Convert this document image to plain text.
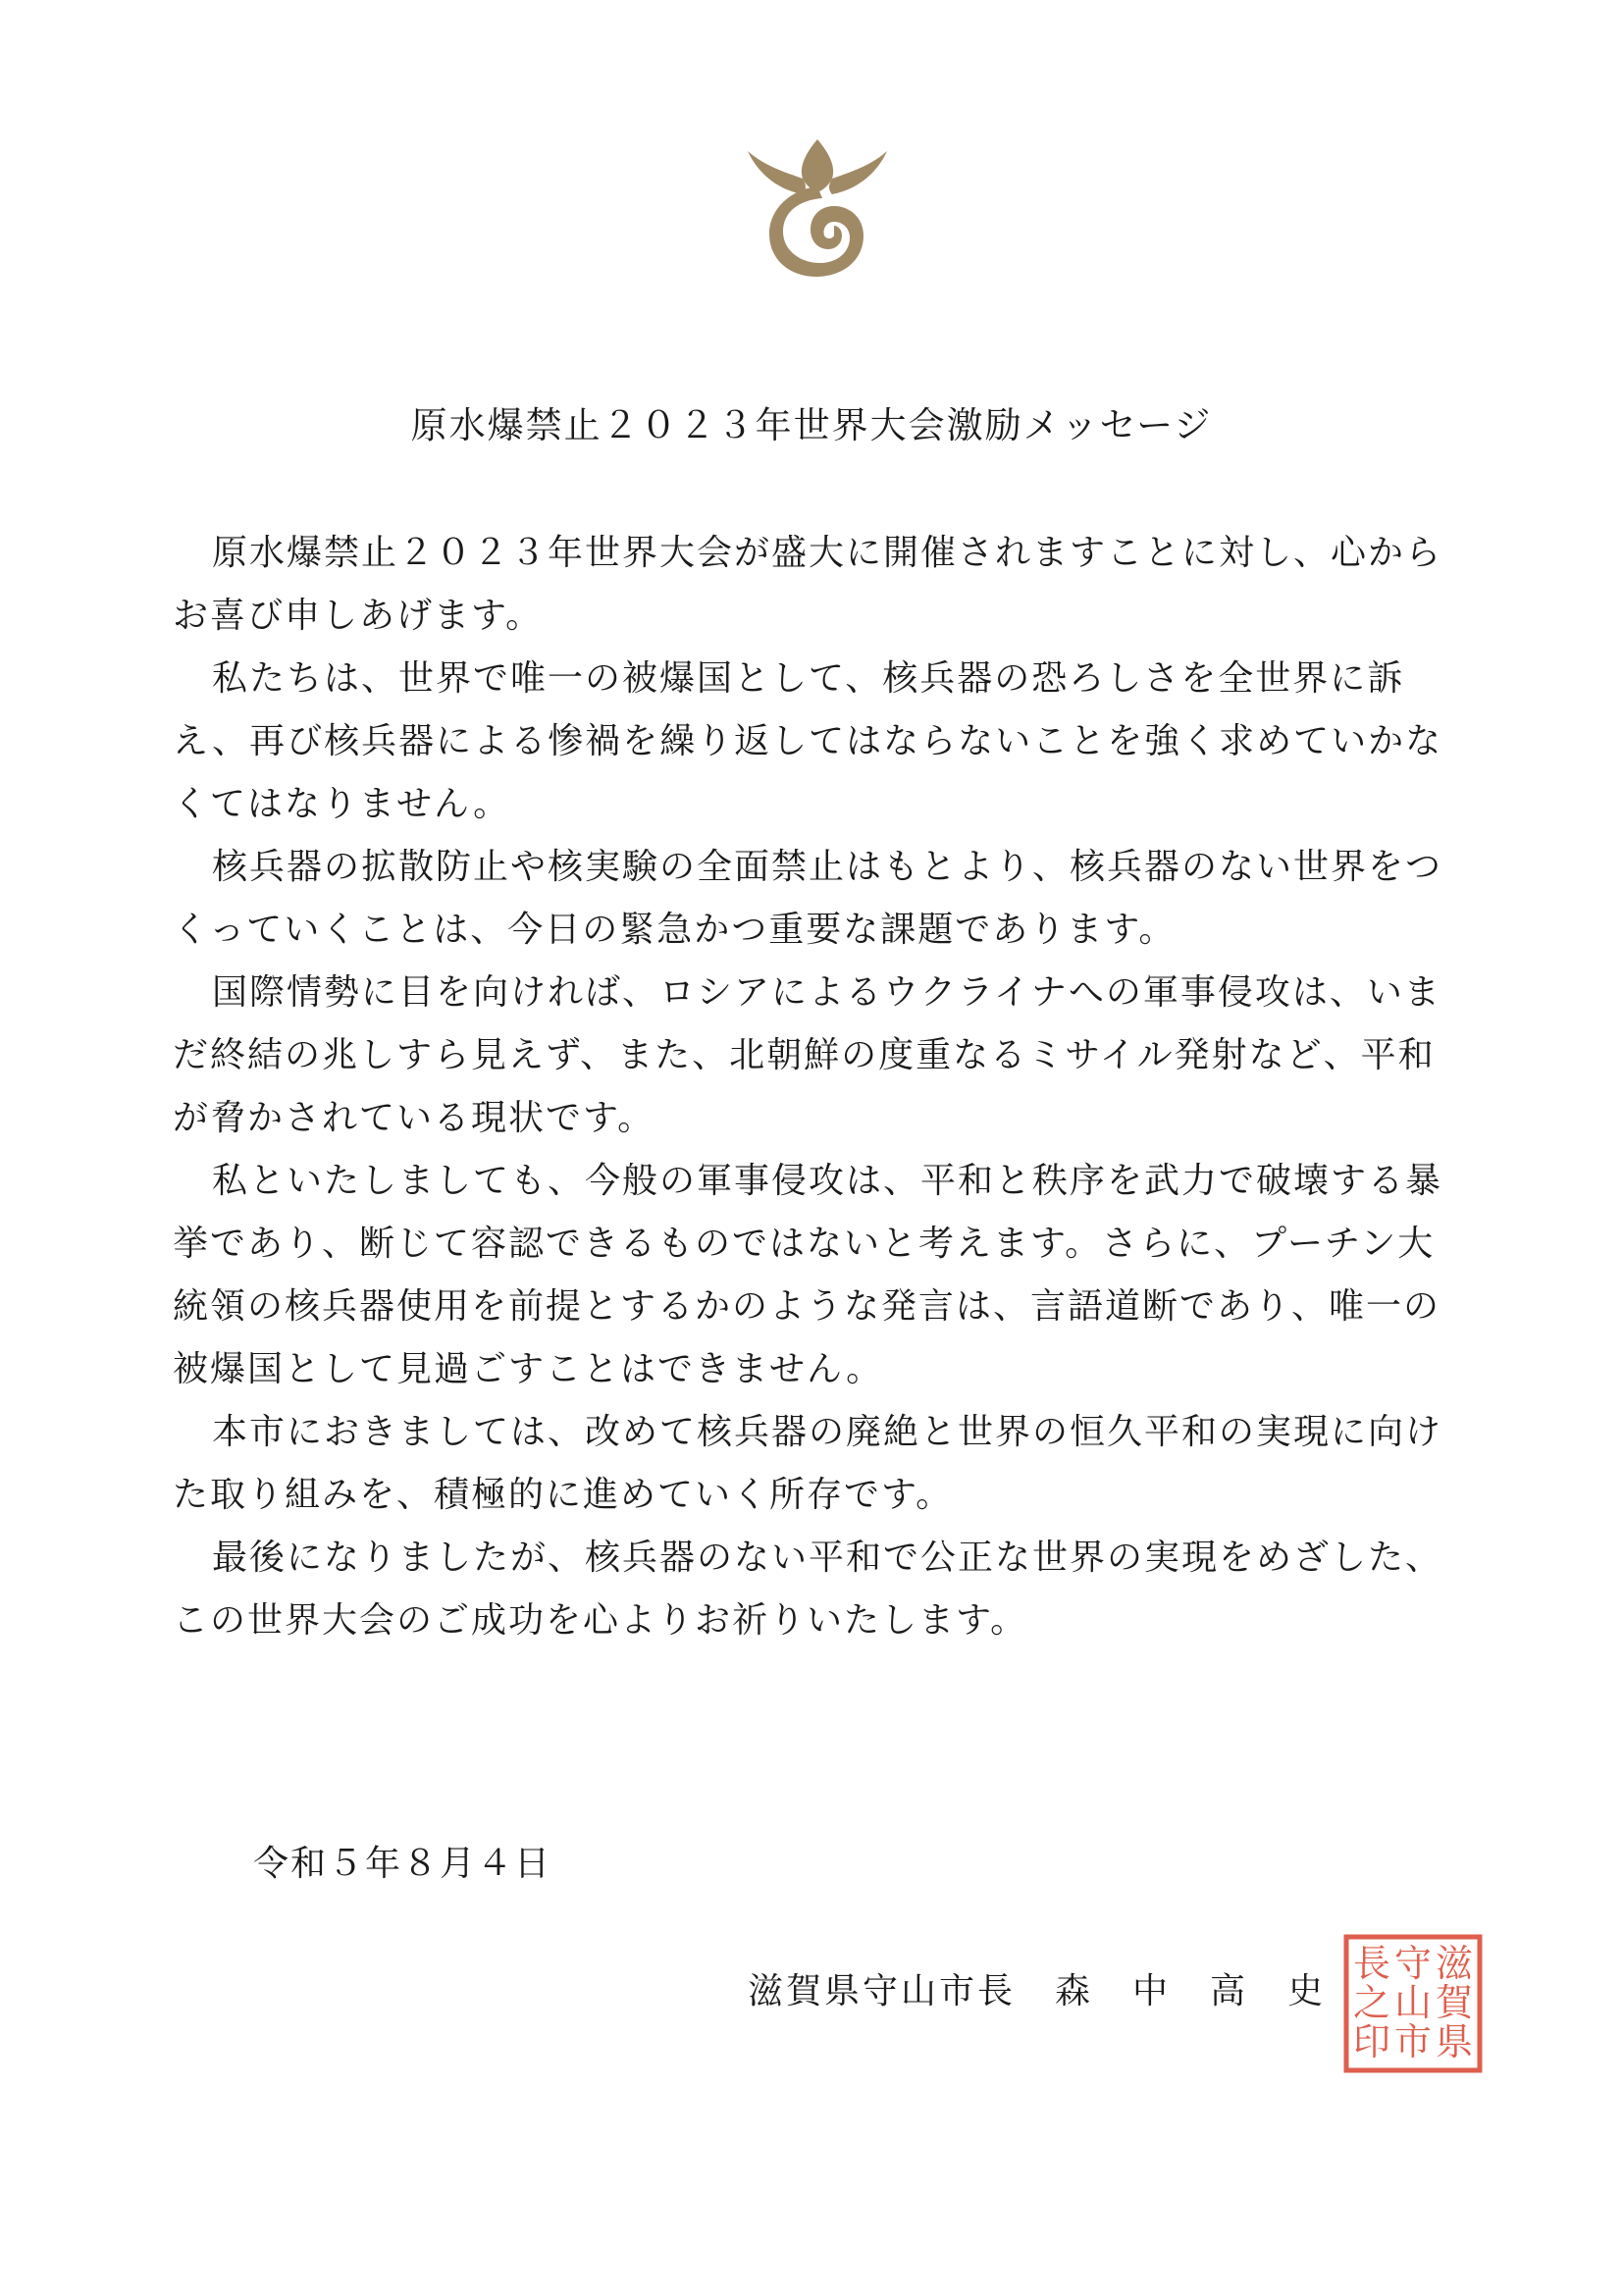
原水爆禁止２０２３年世界大会激励メッセージ

原水爆禁止２０２３年世界大会が盛大に開催されますことに対し、心からお喜び申しあげます。

私たちは、世界で唯一の被爆国として、核兵器の恐ろしさを全世界に訴え、再び核兵器による惨禍を繰り返してはならないことを強く求めていかなくてはなりません。

核兵器の拡散防止や核実験の全面禁止はもとより、核兵器のない世界をつくっていくことは、今日の緊急かつ重要な課題であります。

国際情勢に目を向ければ、ロシアによるウクライナへの軍事侵攻は、いまだ終結の兆しすら見えず、また、北朝鮮の度重なるミサイル発射など、平和が脅かされている現状です。

私といたしましても、今般の軍事侵攻は、平和と秩序を武力で破壊する暴挙であり、断じて容認できるものではないと考えます。さらに、プーチン大統領の核兵器使用を前提とするかのような発言は、言語道断であり、唯一の被爆国として見過ごすことはできません。

本市におきましては、改めて核兵器の廃絶と世界の恒久平和の実現に向けた取り組みを、積極的に進めていく所存です。

最後になりましたが、核兵器のない平和で公正な世界の実現をめざした、この世界大会のご成功を心よりお祈りいたします。

令和５年８月４日
滋賀県守山市長 森 中 高 史
滋賀県
守山市
長之印
